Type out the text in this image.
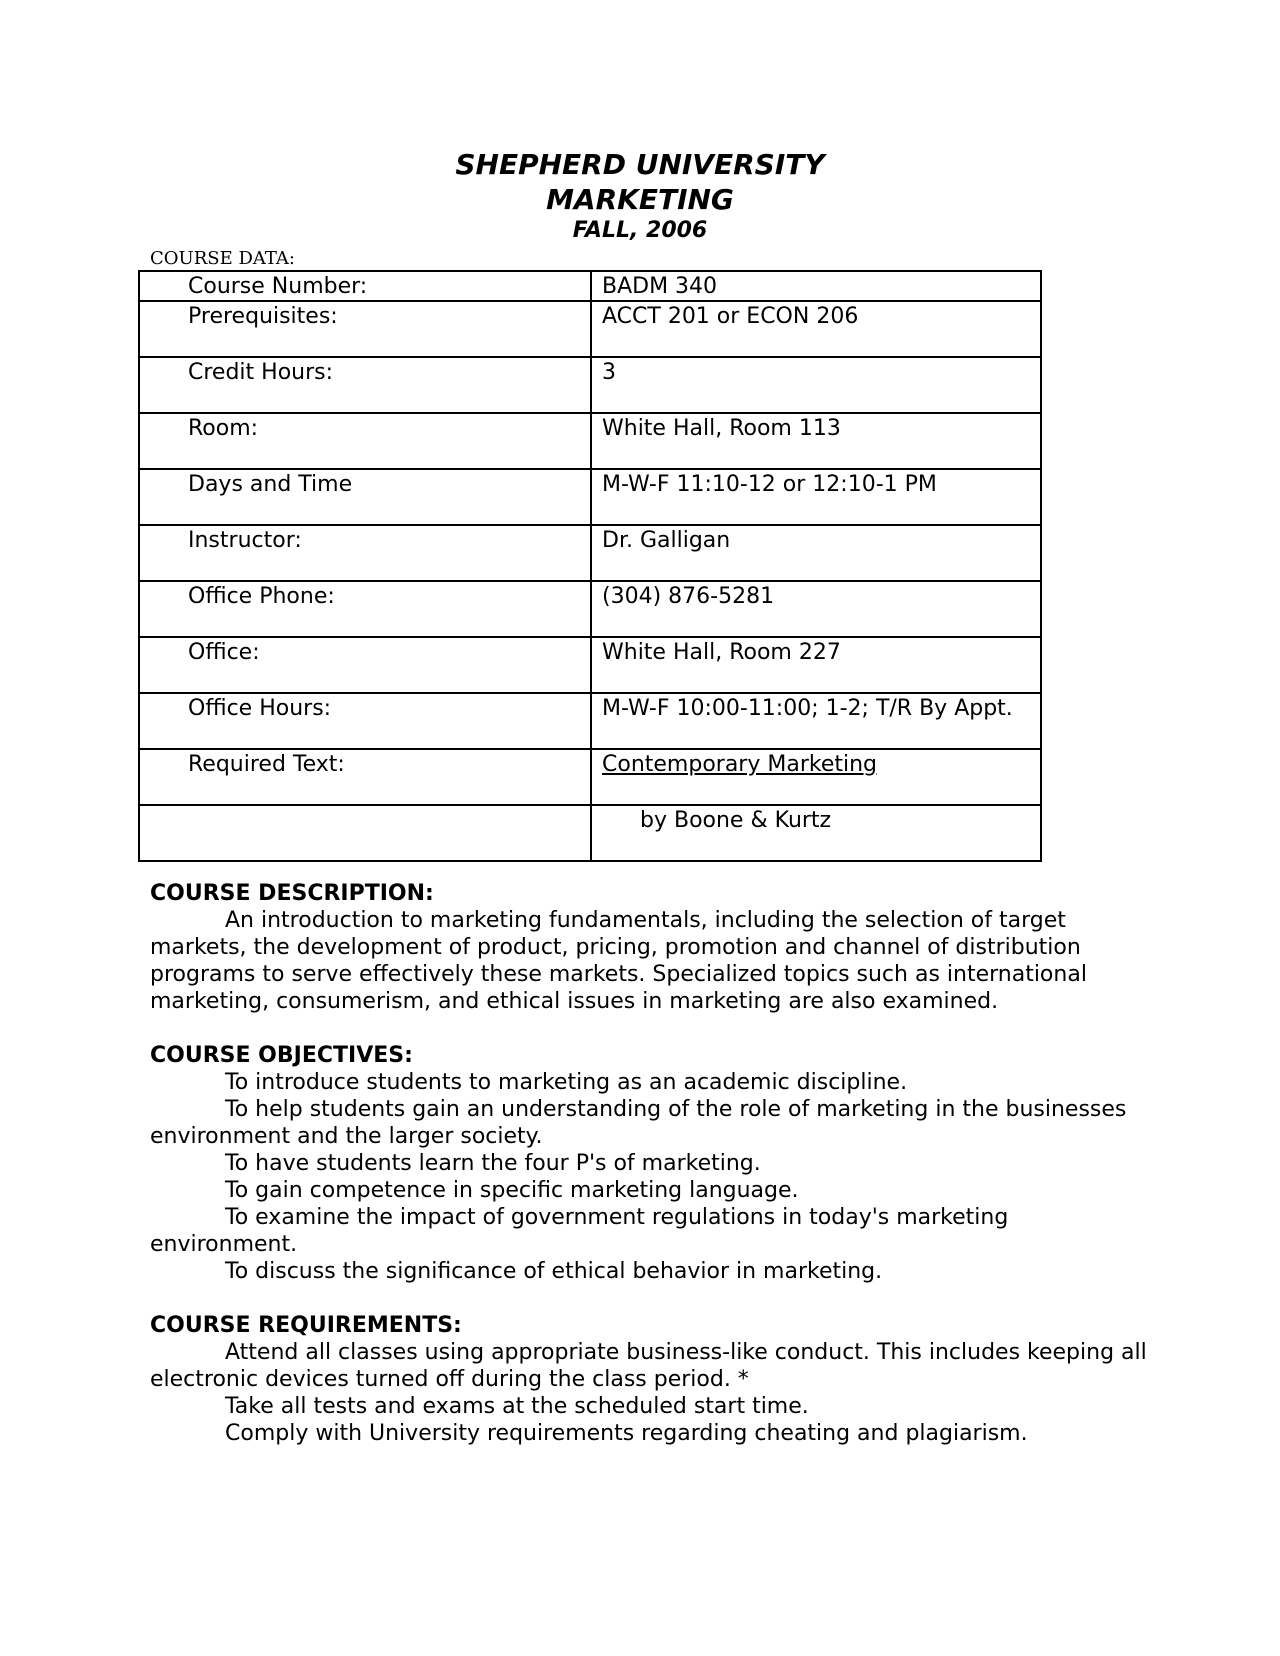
SHEPHERD UNIVERSITY
MARKETING
FALL, 2006
COURSE DATA:
Course Number:	BADM 340
Prerequisites:	ACCT 201 or ECON 206
Credit Hours:	3
Room:	White Hall, Room 113
Days and Time	M-W-F 11:10-12 or 12:10-1 PM
Instructor:	Dr. Galligan
Office Phone:	(304) 876-5281
Office:	White Hall, Room 227
Office Hours:	M-W-F 10:00-11:00; 1-2; T/R By Appt.
Required Text:	Contemporary Marketing
	by Boone & Kurtz

COURSE DESCRIPTION:

An introduction to marketing fundamentals, including the selection of target markets, the development of product, pricing, promotion and channel of distribution programs to serve effectively these markets. Specialized topics such as international marketing, consumerism, and ethical issues in marketing are also examined.

COURSE OBJECTIVES:

To introduce students to marketing as an academic discipline.

To help students gain an understanding of the role of marketing in the businesses environment and the larger society.

To have students learn the four P's of marketing.

To gain competence in specific marketing language.

To examine the impact of government regulations in today's marketing environment.

To discuss the significance of ethical behavior in marketing.

COURSE REQUIREMENTS:

Attend all classes using appropriate business-like conduct. This includes keeping all electronic devices turned off during the class period. *

Take all tests and exams at the scheduled start time.

Comply with University requirements regarding cheating and plagiarism.
